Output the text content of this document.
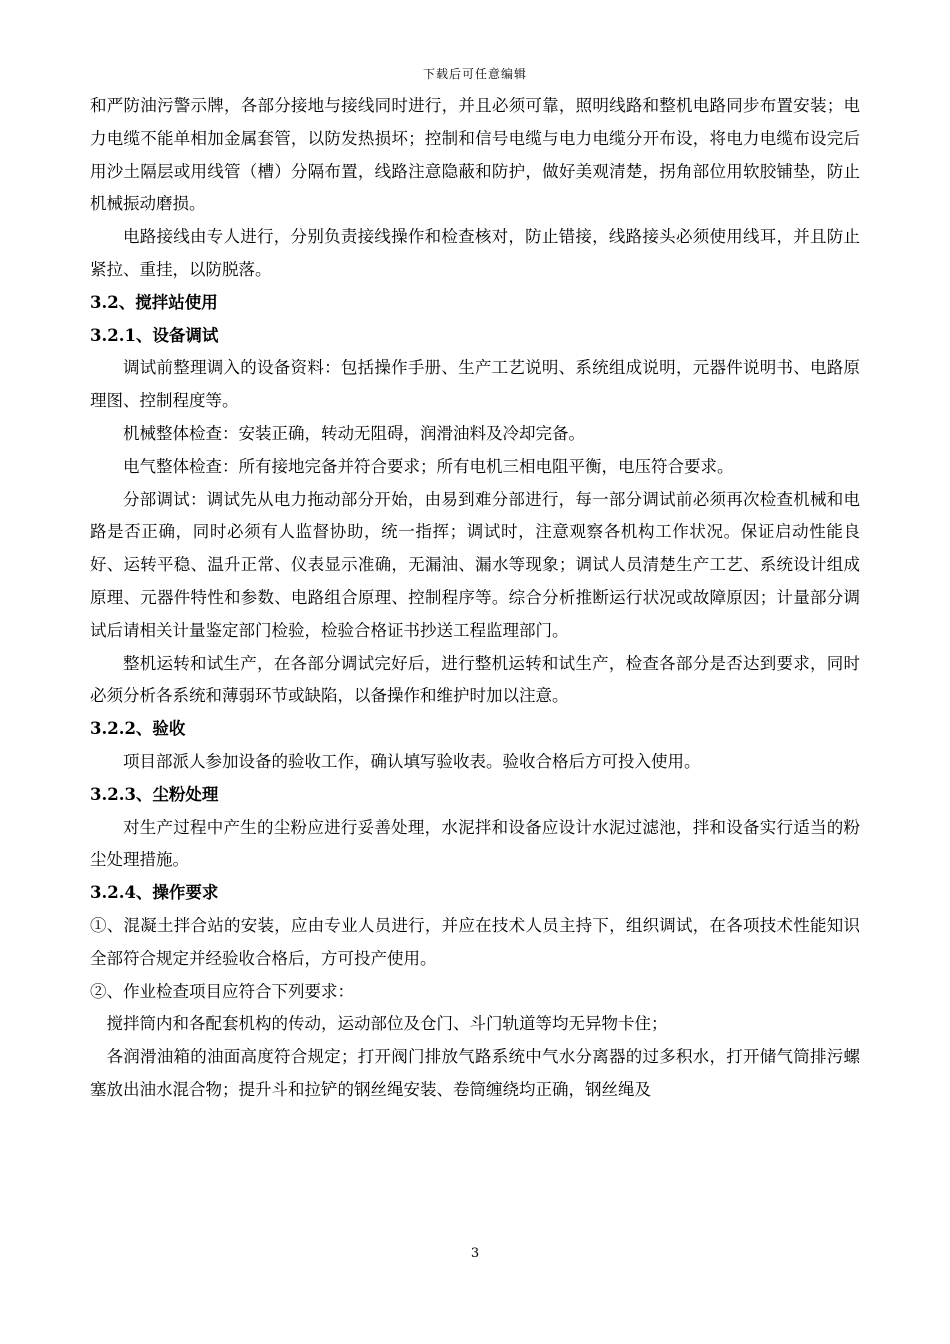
下载后可任意编辑

和严防油污警示牌，各部分接地与接线同时进行，并且必须可靠，照明线路和整机电路同步布置安装；电力电缆不能单相加金属套管，以防发热损坏；控制和信号电缆与电力电缆分开布设，将电力电缆布设完后用沙土隔层或用线管（槽）分隔布置，线路注意隐蔽和防护，做好美观清楚，拐角部位用软胶铺垫，防止机械振动磨损。

电路接线由专人进行，分别负责接线操作和检查核对，防止错接，线路接头必须使用线耳，并且防止紧拉、重挂，以防脱落。

3.2、搅拌站使用

3.2.1、设备调试

调试前整理调入的设备资料：包括操作手册、生产工艺说明、系统组成说明，元器件说明书、电路原理图、控制程度等。

机械整体检查：安装正确，转动无阻碍，润滑油料及冷却完备。

电气整体检查：所有接地完备并符合要求；所有电机三相电阻平衡，电压符合要求。

分部调试：调试先从电力拖动部分开始，由易到难分部进行，每一部分调试前必须再次检查机械和电路是否正确，同时必须有人监督协助，统一指挥；调试时，注意观察各机构工作状况。保证启动性能良好、运转平稳、温升正常、仪表显示准确，无漏油、漏水等现象；调试人员清楚生产工艺、系统设计组成原理、元器件特性和参数、电路组合原理、控制程序等。综合分析推断运行状况或故障原因；计量部分调试后请相关计量鉴定部门检验，检验合格证书抄送工程监理部门。

整机运转和试生产，在各部分调试完好后，进行整机运转和试生产，检查各部分是否达到要求，同时必须分析各系统和薄弱环节或缺陷，以备操作和维护时加以注意。

3.2.2、验收

项目部派人参加设备的验收工作，确认填写验收表。验收合格后方可投入使用。

3.2.3、尘粉处理

对生产过程中产生的尘粉应进行妥善处理，水泥拌和设备应设计水泥过滤池，拌和设备实行适当的粉尘处理措施。

3.2.4、操作要求

①、混凝土拌合站的安装，应由专业人员进行，并应在技术人员主持下，组织调试，在各项技术性能知识全部符合规定并经验收合格后，方可投产使用。

②、作业检查项目应符合下列要求：

搅拌筒内和各配套机构的传动，运动部位及仓门、斗门轨道等均无异物卡住；

各润滑油箱的油面高度符合规定；打开阀门排放气路系统中气水分离器的过多积水，打开储气筒排污螺塞放出油水混合物；提升斗和拉铲的钢丝绳安装、卷筒缠绕均正确，钢丝绳及

3
